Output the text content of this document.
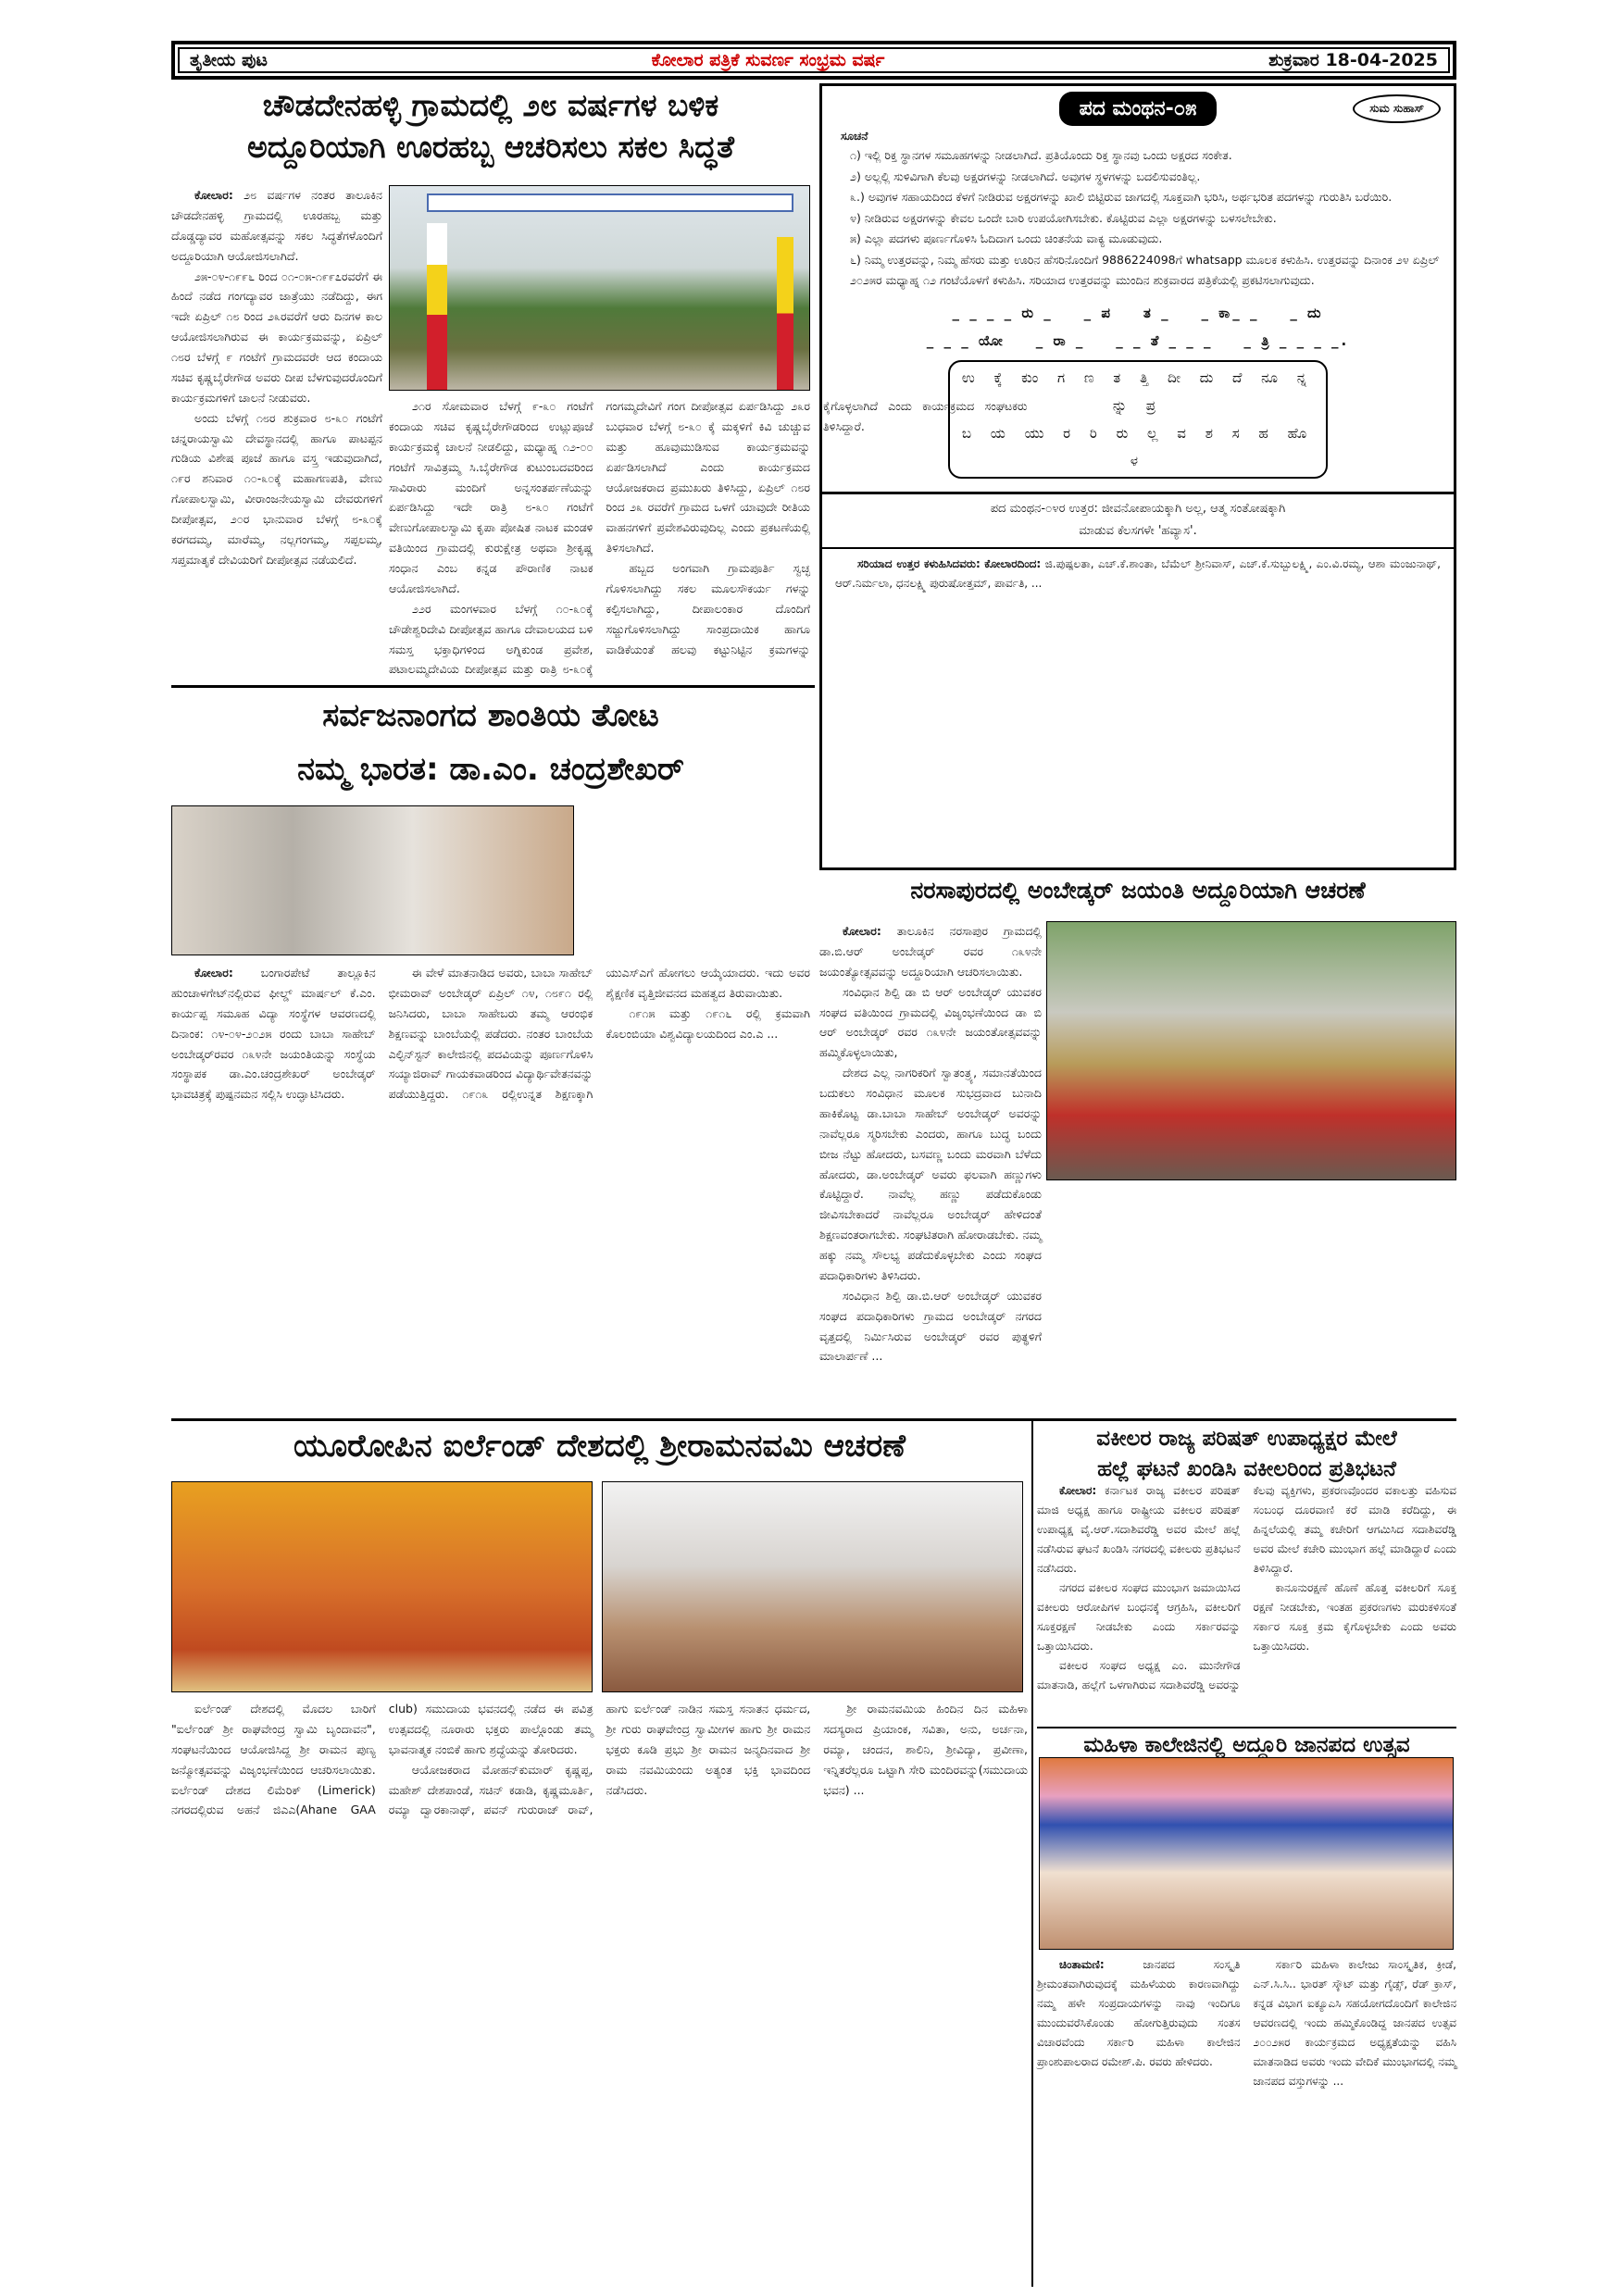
ತೃತೀಯ ಪುಟ	ಕೋಲಾರ ಪತ್ರಿಕೆ ಸುವರ್ಣ ಸಂಭ್ರಮ ವರ್ಷ	ಶುಕ್ರವಾರ 18-04-2025
ಚೌಡದೇನಹಳ್ಳಿ ಗ್ರಾಮದಲ್ಲಿ ೨೮ ವರ್ಷಗಳ ಬಳಿಕ
ಅದ್ದೂರಿಯಾಗಿ ಊರಹಬ್ಬ ಆಚರಿಸಲು ಸಕಲ ಸಿದ್ಧತೆ

ಕೋಲಾರ: ೨೮ ವರ್ಷಗಳ ನಂತರ ತಾಲೂಕಿನ ಚೌಡದೇನಹಳ್ಳಿ ಗ್ರಾಮದಲ್ಲಿ ಊರಹಬ್ಬ ಮತ್ತು ದೊಡ್ಡದ್ಯಾವರ ಮಹೋತ್ಸವನ್ನು ಸಕಲ ಸಿದ್ಧತೆಗಳೊಂದಿಗೆ ಅದ್ದೂರಿಯಾಗಿ ಆಯೋಜಿಸಲಾಗಿದೆ.

೨೫-೦೪-೧೯೯೬ ರಿಂದ ೦೧-೦೫-೧೯೯೭ರವರೆಗೆ ಈ ಹಿಂದೆ ನಡೆದ ಗಂಗದ್ಯಾವರ ಜಾತ್ರೆಯು ನಡೆದಿದ್ದು, ಈಗ ಇದೇ ಏಪ್ರಿಲ್ ೧೮ ರಿಂದ ೨೩ರವರೆಗೆ ಆರು ದಿನಗಳ ಕಾಲ ಆಯೋಜಿಸಲಾಗಿರುವ ಈ ಕಾರ್ಯಕ್ರಮವನ್ನು, ಏಪ್ರಿಲ್ ೧೮ರ ಬೆಳಗ್ಗೆ ೯ ಗಂಟೆಗೆ ಗ್ರಾಮದವರೇ ಆದ ಕಂದಾಯ ಸಚಿವ ಕೃಷ್ಣಬೈರೇಗೌಡ ಅವರು ದೀಪ ಬೆಳಗುವುದರೊಂದಿಗೆ ಕಾರ್ಯಕ್ರಮಗಳಿಗೆ ಚಾಲನೆ ನೀಡುವರು.

ಅಂದು ಬೆಳಗ್ಗೆ ೧೮ರ ಶುಕ್ರವಾರ ೮-೩೦ ಗಂಟೆಗೆ ಚನ್ನರಾಯಸ್ವಾಮಿ ದೇವಸ್ಥಾನದಲ್ಲಿ ಹಾಗೂ ಪಾಟಪ್ಪನ ಗುಡಿಯ ವಿಶೇಷ ಪೂಜೆ ಹಾಗೂ ವಸ್ತ್ರ ಇಡುವುದಾಗಿದೆ, ೧೯ರ ಶನಿವಾರ ೧೦-೩೦ಕ್ಕೆ ಮಹಾಗಣಪತಿ, ವೇಣು ಗೋಪಾಲಸ್ವಾಮಿ, ವೀರಾಂಜನೇಯಸ್ವಾಮಿ ದೇವರುಗಳಿಗೆ ದೀಪೋತ್ಸವ, ೨೦ರ ಭಾನುವಾರ ಬೆಳಗ್ಗೆ ೮-೩೦ಕ್ಕೆ ಕರಗದಮ್ಮ, ಮಾರೆಮ್ಮ, ನಲ್ಲಗಂಗಮ್ಮ, ಸಪ್ಪಲಮ್ಮ, ಸಪ್ತಮಾತೃಕೆ ದೇವಿಯರಿಗೆ ದೀಪೋತ್ಸವ ನಡೆಯಲಿದೆ.

೨೧ರ ಸೋಮವಾರ ಬೆಳಗ್ಗೆ ೯-೩೦ ಗಂಟೆಗೆ ಕಂದಾಯ ಸಚಿವ ಕೃಷ್ಣಬೈರೇಗೌಡರಿಂದ ಉಟ್ಲುಪೂಜೆ ಕಾರ್ಯಕ್ರಮಕ್ಕೆ ಚಾಲನೆ ನೀಡಲಿದ್ದು, ಮಧ್ಯಾಹ್ನ ೧೨-೦೦ ಗಂಟೆಗೆ ಸಾವಿತ್ರಮ್ಮ ಸಿ.ಬೈರೇಗೌಡ ಕುಟುಂಬದವರಿಂದ ಸಾವಿರಾರು ಮಂದಿಗೆ ಅನ್ನಸಂತರ್ಪಣೆಯನ್ನು ಏರ್ಪಡಿಸಿದ್ದು ಇದೇ ರಾತ್ರಿ ೮-೩೦ ಗಂಟೆಗೆ ವೇಣುಗೋಪಾಲಸ್ವಾಮಿ ಕೃಪಾ ಪೋಷಿತ ನಾಟಕ ಮಂಡಳಿ ವತಿಯಿಂದ ಗ್ರಾಮದಲ್ಲಿ ಕುರುಕ್ಷೇತ್ರ ಅಥವಾ ಶ್ರೀಕೃಷ್ಣ ಸಂಧಾನ ಎಂಬ ಕನ್ನಡ ಪೌರಾಣಿಕ ನಾಟಕ ಆಯೋಜಿಸಲಾಗಿದೆ.

೨೨ರ ಮಂಗಳವಾರ ಬೆಳಗ್ಗೆ ೧೦-೩೦ಕ್ಕೆ ಚೌಡೇಶ್ವರಿದೇವಿ ದೀಪೋತ್ಸವ ಹಾಗೂ ದೇವಾಲಯದ ಬಳಿ ಸಮಸ್ತ ಭಕ್ತಾಧಿಗಳಿಂದ ಅಗ್ನಿಕುಂಡ ಪ್ರವೇಶ, ಪಟಾಲಮ್ಮದೇವಿಯ ದೀಪೋತ್ಸವ ಮತ್ತು ರಾತ್ರಿ ೮-೩೦ಕ್ಕೆ ಗಂಗಮ್ಮದೇವಿಗೆ ಗಂಗ ದೀಪೋತ್ಸವ ಏರ್ಪಡಿಸಿದ್ದು ೨೩ರ ಬುಧವಾರ ಬೆಳಗ್ಗೆ ೮-೩೦ ಕ್ಕೆ ಮಕ್ಕಳಿಗೆ ಕಿವಿ ಚುಚ್ಚುವ ಮತ್ತು ಹೂವುಮುಡಿಸುವ ಕಾರ್ಯಕ್ರಮವನ್ನು ಏರ್ಪಡಿಸಲಾಗಿದೆ ಎಂದು ಕಾರ್ಯಕ್ರಮದ ಆಯೋಜಕರಾದ ಪ್ರಮುಖರು ತಿಳಿಸಿದ್ದು, ಏಪ್ರಿಲ್ ೧೮ರ ರಿಂದ ೨೩ ರವರೆಗೆ ಗ್ರಾಮದ ಒಳಗೆ ಯಾವುದೇ ರೀತಿಯ ವಾಹನಗಳಿಗೆ ಪ್ರವೇಶವಿರುವುದಿಲ್ಲ ಎಂದು ಪ್ರಕಟಣೆಯಲ್ಲಿ ತಿಳಿಸಲಾಗಿದೆ.

ಹಬ್ಬದ ಅಂಗವಾಗಿ ಗ್ರಾಮಪೂರ್ತಿ ಸ್ವಚ್ಛ ಗೊಳಿಸಲಾಗಿದ್ದು ಸಕಲ ಮೂಲಸೌಕರ್ಯ ಗಳನ್ನು ಕಲ್ಪಿಸಲಾಗಿದ್ದು, ದೀಪಾಲಂಕಾರ ದೊಂದಿಗೆ ಸಜ್ಜುಗೊಳಿಸಲಾಗಿದ್ದು ಸಾಂಪ್ರದಾಯಿಕ ಹಾಗೂ ವಾಡಿಕೆಯಂತೆ ಹಲವು ಕಟ್ಟುನಿಟ್ಟಿನ ಕ್ರಮಗಳನ್ನು ಕೈಗೊಳ್ಳಲಾಗಿದೆ ಎಂದು ಕಾರ್ಯಕ್ರಮದ ಸಂಘಟಕರು ತಿಳಿಸಿದ್ದಾರೆ.

ಪದ ಮಂಥನ-೦೫	ಸುಮ ಸುಹಾಸ್
ಸೂಚನೆ
೧) ಇಲ್ಲಿ ರಿಕ್ತ ಸ್ಥಾನಗಳ ಸಮೂಹಗಳನ್ನು ನೀಡಲಾಗಿದೆ. ಪ್ರತಿಯೊಂದು ರಿಕ್ತ ಸ್ಥಾನವು ಒಂದು ಅಕ್ಷರದ ಸಂಕೇತ.
೨) ಅಲ್ಲಲ್ಲಿ ಸುಳಿವಿಗಾಗಿ ಕೆಲವು ಅಕ್ಷರಗಳನ್ನು ನೀಡಲಾಗಿದೆ. ಅವುಗಳ ಸ್ಥಳಗಳನ್ನು ಬದಲಿಸುವಂತಿಲ್ಲ.
೩.) ಅವುಗಳ ಸಹಾಯದಿಂದ ಕೆಳಗೆ ನೀಡಿರುವ ಅಕ್ಷರಗಳನ್ನು ಖಾಲಿ ಬಿಟ್ಟಿರುವ ಜಾಗದಲ್ಲಿ ಸೂಕ್ತವಾಗಿ ಭರಿಸಿ, ಅರ್ಥಭರಿತ ಪದಗಳನ್ನು ಗುರುತಿಸಿ ಬರೆಯಿರಿ.
೪) ನೀಡಿರುವ ಅಕ್ಷರಗಳನ್ನು ಕೇವಲ ಒಂದೇ ಬಾರಿ ಉಪಯೋಗಿಸಬೇಕು. ಕೊಟ್ಟಿರುವ ಎಲ್ಲಾ ಅಕ್ಷರಗಳನ್ನು ಬಳಸಲೇಬೇಕು.
೫) ಎಲ್ಲಾ ಪದಗಳು ಪೂರ್ಣಗೊಳಿಸಿ ಓದಿದಾಗ ಒಂದು ಚಿಂತನೆಯ ವಾಕ್ಯ ಮೂಡುವುದು.
೬) ನಿಮ್ಮ ಉತ್ತರವನ್ನು, ನಿಮ್ಮ ಹೆಸರು ಮತ್ತು ಊರಿನ ಹೆಸರಿನೊಂದಿಗೆ 9886224098ಗೆ whatsapp ಮೂಲಕ ಕಳುಹಿಸಿ. ಉತ್ತರವನ್ನು ದಿನಾಂಕ ೨೪ ಏಪ್ರಿಲ್ ೨೦೨೫ರ ಮಧ್ಯಾಹ್ನ ೧೨ ಗಂಟೆಯೊಳಗೆ ಕಳುಹಿಸಿ. ಸರಿಯಾದ ಉತ್ತರವನ್ನು ಮುಂದಿನ ಶುಕ್ರವಾರದ ಪತ್ರಿಕೆಯಲ್ಲಿ ಪ್ರಕಟಿಸಲಾಗುವುದು.
_ _ _ _ ರು _    _ ಪ    ತ _    _ ಕಾ_ _    _ ದು
_ _ _ ಯೋ    _ ರಾ _    _ _ ತೆ _ _ _    _ ತ್ರಿ _ _ _ _.
ಉ ಕ್ಕೆ ಕುಂ ಗ ಣ ತ ತ್ತಿ ದೀ ದು ದೆ ನೂ ನ್ನ ನ್ನು ಪ್ರ
ಬ ಯ ಯು ರ ರಿ ರು ಲ್ಲ ವ ಶ ಸ ಹ ಹೊ ಳ
ಪದ ಮಂಥನ-೦೪ರ ಉತ್ತರ: ಜೀವನೋಪಾಯಕ್ಕಾಗಿ ಅಲ್ಲ, ಆತ್ಮ ಸಂತೋಷಕ್ಕಾಗಿ
ಮಾಡುವ ಕೆಲಸಗಳೇ 'ಹವ್ಯಾಸ'.

ಸರಿಯಾದ ಉತ್ತರ ಕಳುಹಿಸಿದವರು: ಕೋಲಾರದಿಂದ: ಜಿ.ಪುಷ್ಪಲತಾ, ಎಚ್.ಕೆ.ಶಾಂತಾ, ಬೆಮೆಲ್ ಶ್ರೀನಿವಾಸ್, ಎಚ್.ಕೆ.ಸುಬ್ಬುಲಕ್ಷ್ಮಿ, ಎಂ.ವಿ.ರಮ್ಯ, ಆಶಾ ಮಂಜುನಾಥ್, ಆರ್.ನಿರ್ಮಲಾ, ಧನಲಕ್ಷ್ಮಿ ಪುರುಷೋತ್ತಮ್, ಪಾರ್ವತಿ, ...

ಸರ್ವಜನಾಂಗದ ಶಾಂತಿಯ ತೋಟ
ನಮ್ಮ ಭಾರತ: ಡಾ.ಎಂ. ಚಂದ್ರಶೇಖರ್

ಕೋಲಾರ: ಬಂಗಾರಪೇಟೆ ತಾಲ್ಲೂಕಿನ ಹುಂಚಾಳಗೇಟ್‌ನಲ್ಲಿರುವ ಫೀಲ್ಡ್ ಮಾರ್ಷಲ್ ಕೆ.ಎಂ. ಕಾರ್ಯಪ್ಪ ಸಮೂಹ ವಿದ್ಯಾ ಸಂಸ್ಥೆಗಳ ಆವರಣದಲ್ಲಿ ದಿನಾಂಕ: ೧೪-೦೪-೨೦೨೫ ರಂದು ಬಾಬಾ ಸಾಹೇಬ್ ಅಂಬೇಡ್ಕರ್‌ರವರ ೧೩೪ನೇ ಜಯಂತಿಯನ್ನು ಸಂಸ್ಥೆಯ ಸಂಸ್ಥಾಪಕ ಡಾ.ಎಂ.ಚಂದ್ರಶೇಖರ್ ಅಂಬೇಡ್ಕರ್ ಭಾವಚಿತ್ರಕ್ಕೆ ಪುಷ್ಪನಮನ ಸಲ್ಲಿಸಿ ಉದ್ಘಾಟಿಸಿದರು.

ಈ ವೇಳೆ ಮಾತನಾಡಿದ ಅವರು, ಬಾಬಾ ಸಾಹೇಬ್ ಭೀಮರಾವ್ ಅಂಬೇಡ್ಕರ್ ಏಪ್ರಿಲ್ ೧೪, ೧೮೯೧ ರಲ್ಲಿ ಜನಿಸಿದರು, ಬಾಬಾ ಸಾಹೇಬರು ತಮ್ಮ ಆರಂಭಿಕ ಶಿಕ್ಷಣವನ್ನು ಬಾಂಬೆಯಲ್ಲಿ ಪಡೆದರು. ನಂತರ ಬಾಂಬೆಯ ಎಲ್ಫಿನ್‌ಸ್ಟನ್ ಕಾಲೇಜಿನಲ್ಲಿ ಪದವಿಯನ್ನು ಪೂರ್ಣಗೊಳಿಸಿ ಸಯ್ಯಾಜಿರಾವ್ ಗಾಯಕವಾಡರಿಂದ ವಿದ್ಯಾರ್ಥಿವೇತನವನ್ನು ಪಡೆಯುತ್ತಿದ್ದರು. ೧೯೧೩ ರಲ್ಲಿಉನ್ನತ ಶಿಕ್ಷಣಕ್ಕಾಗಿ ಯುಎಸ್‌ಎಗೆ ಹೋಗಲು ಆಯ್ಕೆಯಾದರು. ಇದು ಅವರ ಶೈಕ್ಷಣಿಕ ವೃತ್ತಿಜೀವನದ ಮಹತ್ವದ ತಿರುವಾಯಿತು.

೧೯೧೫ ಮತ್ತು ೧೯೧೬ ರಲ್ಲಿ ಕ್ರಮವಾಗಿ ಕೊಲಂಬಿಯಾ ವಿಶ್ವವಿದ್ಯಾಲಯದಿಂದ ಎಂ.ಎ ...

ನರಸಾಪುರದಲ್ಲಿ ಅಂಬೇಡ್ಕರ್ ಜಯಂತಿ ಅದ್ದೂರಿಯಾಗಿ ಆಚರಣೆ

ಕೋಲಾರ: ತಾಲೂಕಿನ ನರಸಾಪುರ ಗ್ರಾಮದಲ್ಲಿ ಡಾ.ಬಿ.ಆರ್ ಅಂಬೇಡ್ಕರ್ ರವರ ೧೩೪ನೇ ಜಯಂತ್ಯೋತ್ಸವವನ್ನು ಅದ್ದೂರಿಯಾಗಿ ಆಚರಿಸಲಾಯಿತು.

ಸಂವಿಧಾನ ಶಿಲ್ಪಿ ಡಾ ಬಿ ಆರ್ ಅಂಬೇಡ್ಕರ್ ಯುವಕರ ಸಂಘದ ವತಿಯಿಂದ ಗ್ರಾಮದಲ್ಲಿ ವಿಜೃಂಭಣೆಯಿಂದ ಡಾ ಬಿ ಆರ್ ಅಂಬೇಡ್ಕರ್ ರವರ ೧೩೪ನೇ ಜಯಂತೋತ್ಸವವನ್ನು ಹಮ್ಮಿಕೊಳ್ಳಲಾಯಿತು,

ದೇಶದ ಎಲ್ಲ ನಾಗರಿಕರಿಗೆ ಸ್ವಾತಂತ್ರ್ಯ, ಸಮಾನತೆಯಿಂದ ಬದುಕಲು ಸಂವಿಧಾನ ಮೂಲಕ ಸುಭದ್ರವಾದ ಬುನಾದಿ ಹಾಕಿಕೊಟ್ಟ ಡಾ.ಬಾಬಾ ಸಾಹೇಬ್ ಅಂಬೇಡ್ಕರ್ ಅವರನ್ನು ನಾವೆಲ್ಲರೂ ಸ್ಮರಿಸಬೇಕು ಎಂದರು, ಹಾಗೂ ಬುದ್ಧ ಬಂದು ಬೀಜ ನೆಟ್ಟು ಹೋದರು, ಬಸವಣ್ಣ ಬಂದು ಮರವಾಗಿ ಬೆಳೆದು ಹೋದರು, ಡಾ.ಅಂಬೇಡ್ಕರ್ ಅವರು ಫಲವಾಗಿ ಹಣ್ಣುಗಳು ಕೊಟ್ಟಿದ್ದಾರೆ. ನಾವೆಲ್ಲ ಹಣ್ಣು ಪಡೆದುಕೊಂಡು ಜೀವಿಸಬೇಕಾದರೆ ನಾವೆಲ್ಲರೂ ಅಂಬೇಡ್ಕರ್ ಹೇಳಿದಂತೆ ಶಿಕ್ಷಣವಂತರಾಗಬೇಕು. ಸಂಘಟಿತರಾಗಿ ಹೋರಾಡಬೇಕು. ನಮ್ಮ ಹಕ್ಕು ನಮ್ಮ ಸೌಲಭ್ಯ ಪಡೆದುಕೊಳ್ಳಬೇಕು ಎಂದು ಸಂಘದ ಪದಾಧಿಕಾರಿಗಳು ತಿಳಿಸಿದರು.

ಸಂವಿಧಾನ ಶಿಲ್ಪಿ ಡಾ.ಬಿ.ಆರ್ ಅಂಬೇಡ್ಕರ್ ಯುವಕರ ಸಂಘದ ಪದಾಧಿಕಾರಿಗಳು ಗ್ರಾಮದ ಅಂಬೇಡ್ಕರ್ ನಗರದ ವೃತ್ತದಲ್ಲಿ ನಿರ್ಮಿಸಿರುವ ಅಂಬೇಡ್ಕರ್ ರವರ ಪುತ್ಥಳಿಗೆ ಮಾಲಾರ್ಪಣೆ ...

ಯೂರೋಪಿನ ಐರ್ಲೆಂಡ್ ದೇಶದಲ್ಲಿ ಶ್ರೀರಾಮನವಮಿ ಆಚರಣೆ

ಐರ್ಲೆಂಡ್ ದೇಶದಲ್ಲಿ ಮೊದಲ ಬಾರಿಗೆ "ಐರ್ಲೆಂಡ್ ಶ್ರೀ ರಾಘವೇಂದ್ರ ಸ್ವಾಮಿ ಬೃಂದಾವನ", ಸಂಘಟನೆಯಿಂದ ಆಯೋಜಿಸಿದ್ದ ಶ್ರೀ ರಾಮನ ಪುಣ್ಯ ಜನ್ಮೋತ್ಸವವನ್ನು ವಿಜೃಂಭಣೆಯಿಂದ ಆಚರಿಸಲಾಯಿತು. ಐರ್ಲೆಂಡ್ ದೇಶದ ಲಿಮೆರಿಕ್ (Limerick) ನಗರದಲ್ಲಿರುವ ಅಹನೆ ಜಿಎಎ(Ahane GAA club) ಸಮುದಾಯ ಭವನದಲ್ಲಿ ನಡೆದ ಈ ಪವಿತ್ರ ಉತ್ಸವದಲ್ಲಿ ನೂರಾರು ಭಕ್ತರು ಪಾಲ್ಗೊಂಡು ತಮ್ಮ ಭಾವನಾತ್ಮಕ ನಂಬಿಕೆ ಹಾಗು ಶ್ರದ್ಧೆಯನ್ನು ತೋರಿದರು.

ಆಯೋಜಕರಾದ ಮೋಹನ್‌ಕುಮಾರ್ ಕೃಷ್ಣಪ್ಪ, ಮಹೇಶ್ ದೇಶಪಾಂಡೆ, ಸಚಿನ್ ಕಡಾಡಿ, ಕೃಷ್ಣಮೂರ್ತಿ, ರಮ್ಯಾ ದ್ವಾರಕಾನಾಥ್, ಪವನ್ ಗುರುರಾಜ್ ರಾವ್, ಹಾಗು ಐರ್ಲೆಂಡ್ ನಾಡಿನ ಸಮಸ್ತ ಸನಾತನ ಧರ್ಮದ, ಶ್ರೀ ಗುರು ರಾಘವೇಂದ್ರ ಸ್ವಾಮೀಗಳ ಹಾಗು ಶ್ರೀ ರಾಮನ ಭಕ್ತರು ಕೂಡಿ ಪ್ರಭು ಶ್ರೀ ರಾಮನ ಜನ್ಮದಿನವಾದ ಶ್ರೀ ರಾಮ ನವಮಿಯಂದು ಅತ್ಯಂತ ಭಕ್ತಿ ಭಾವದಿಂದ ನಡೆಸಿದರು.

ಶ್ರೀ ರಾಮನವಮಿಯ ಹಿಂದಿನ ದಿನ ಮಹಿಳಾ ಸದಸ್ಯರಾದ ಪ್ರಿಯಾಂಕ, ಸವಿತಾ, ಅನು, ಅರ್ಚನಾ, ರಮ್ಯಾ, ಚಂದನ, ಶಾಲಿನಿ, ಶ್ರೀವಿದ್ಯಾ, ಪ್ರವೀಣಾ, ಇನ್ನಿತರೆಲ್ಲರೂ ಒಟ್ಟಾಗಿ ಸೇರಿ ಮಂದಿರವನ್ನು(ಸಮುದಾಯ ಭವನ) ...

ವಕೀಲರ ರಾಜ್ಯ ಪರಿಷತ್ ಉಪಾಧ್ಯಕ್ಷರ ಮೇಲೆ
ಹಲ್ಲೆ ಘಟನೆ ಖಂಡಿಸಿ ವಕೀಲರಿಂದ ಪ್ರತಿಭಟನೆ

ಕೋಲಾರ: ಕರ್ನಾಟಕ ರಾಜ್ಯ ವಕೀಲರ ಪರಿಷತ್ ಮಾಜಿ ಅಧ್ಯಕ್ಷ ಹಾಗೂ ರಾಷ್ಟ್ರೀಯ ವಕೀಲರ ಪರಿಷತ್ ಉಪಾಧ್ಯಕ್ಷ ವೈ.ಆರ್.ಸದಾಶಿವರೆಡ್ಡಿ ಅವರ ಮೇಲೆ ಹಲ್ಲೆ ನಡೆಸಿರುವ ಘಟನೆ ಖಂಡಿಸಿ ನಗರದಲ್ಲಿ ವಕೀಲರು ಪ್ರತಿಭಟನೆ ನಡೆಸಿದರು.

ನಗರದ ವಕೀಲರ ಸಂಘದ ಮುಂಭಾಗ ಜಮಾಯಿಸಿದ ವಕೀಲರು ಆರೋಪಿಗಳ ಬಂಧನಕ್ಕೆ ಆಗ್ರಹಿಸಿ, ವಕೀಲರಿಗೆ ಸೂಕ್ತರಕ್ಷಣೆ ನೀಡಬೇಕು ಎಂದು ಸರ್ಕಾರವನ್ನು ಒತ್ತಾಯಿಸಿದರು.

ವಕೀಲರ ಸಂಘದ ಅಧ್ಯಕ್ಷ ಎಂ. ಮುನೇಗೌಡ ಮಾತನಾಡಿ, ಹಲ್ಲೆಗೆ ಒಳಗಾಗಿರುವ ಸದಾಶಿವರೆಡ್ಡಿ ಅವರನ್ನು ಕೆಲವು ವ್ಯಕ್ತಿಗಳು, ಪ್ರಕರಣವೊಂದರ ವಕಾಲತ್ತು ವಹಿಸುವ ಸಂಬಂಧ ದೂರವಾಣಿ ಕರೆ ಮಾಡಿ ಕರೆದಿದ್ದು, ಈ ಹಿನ್ನಲೆಯಲ್ಲಿ ತಮ್ಮ ಕಚೇರಿಗೆ ಆಗಮಿಸಿದ ಸದಾಶಿವರೆಡ್ಡಿ ಅವರ ಮೇಲೆ ಕಚೇರಿ ಮುಂಭಾಗ ಹಲ್ಲೆ ಮಾಡಿದ್ದಾರೆ ಎಂದು ತಿಳಿಸಿದ್ದಾರೆ.

ಕಾನೂನುರಕ್ಷಣೆ ಹೊಣೆ ಹೊತ್ತ ವಕೀಲರಿಗೆ ಸೂಕ್ತ ರಕ್ಷಣೆ ನೀಡಬೇಕು, ಇಂತಹ ಪ್ರಕರಣಗಳು ಮರುಕಳಿಸಂತೆ ಸರ್ಕಾರ ಸೂಕ್ತ ಕ್ರಮ ಕೈಗೊಳ್ಳಬೇಕು ಎಂದು ಅವರು ಒತ್ತಾಯಿಸಿದರು.

ಮಹಿಳಾ ಕಾಲೇಜಿನಲ್ಲಿ ಅದ್ದೂರಿ ಜಾನಪದ ಉತ್ಸವ

ಚಿಂತಾಮಣಿ:	ಜಾನಪದ ಸಂಸ್ಕೃತಿ ಶ್ರೀಮಂತವಾಗಿರುವುದಕ್ಕೆ ಮಹಿಳೆಯರು ಕಾರಣವಾಗಿದ್ದು ನಮ್ಮ ಹಳೇ ಸಂಪ್ರದಾಯಗಳನ್ನು ನಾವು ಇಂದಿಗೂ ಮುಂದುವರೆಸಿಕೊಂಡು ಹೋಗುತ್ತಿರುವುದು ಸಂತಸ ವಿಚಾರವೆಂದು ಸರ್ಕಾರಿ ಮಹಿಳಾ ಕಾಲೇಜಿನ ಪ್ರಾಂಶುಪಾಲರಾದ ರಮೇಶ್.ಪಿ. ರವರು ಹೇಳಿದರು.

ಸರ್ಕಾರಿ ಮಹಿಳಾ ಕಾಲೇಜು ಸಾಂಸ್ಕೃತಿಕ, ಕ್ರೀಡೆ, ಎನ್.ಸಿ.ಸಿ.. ಭಾರತ್ ಸ್ಕೌಟ್ ಮತ್ತು ಗೈಡ್ಸ್, ರೆಡ್ ಕ್ರಾಸ್, ಕನ್ನಡ ವಿಭಾಗ ಐಕ್ಯೂಎಸಿ ಸಹಯೋಗದೊಂದಿಗೆ ಕಾಲೇಜಿನ ಆವರಣದಲ್ಲಿ ಇಂದು ಹಮ್ಮಿಕೊಂಡಿದ್ದ ಜಾನಪದ ಉತ್ಸವ ೨೦೦೨೫ರ ಕಾರ್ಯಕ್ರಮದ ಅಧ್ಯಕ್ಷತೆಯನ್ನು ವಹಿಸಿ ಮಾತನಾಡಿದ ಅವರು ಇಂದು ವೇದಿಕೆ ಮುಂಭಾಗದಲ್ಲಿ ನಮ್ಮ ಜಾನಪದ ವಸ್ತುಗಳನ್ನು ...
